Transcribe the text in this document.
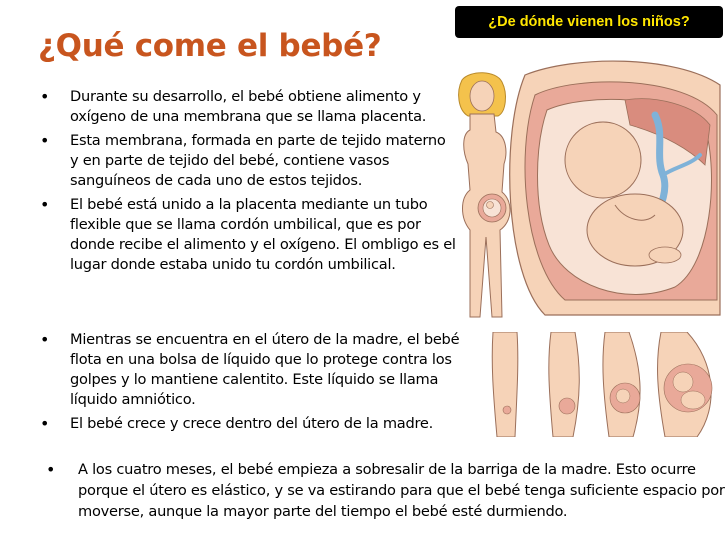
¿De dónde vienen los niños?
¿Qué come el bebé?
• Durante su desarrollo, el bebé obtiene alimento y oxígeno de una membrana que se llama placenta.
• Esta membrana, formada en parte de tejido materno y en parte de tejido del bebé, contiene vasos sanguíneos de cada uno de estos tejidos.
• El bebé está unido a la placenta mediante un tubo flexible que se llama cordón umbilical, que es por donde recibe el alimento y el oxígeno. El ombligo es el lugar donde estaba unido tu cordón umbilical.
• Mientras se encuentra en el útero de la madre, el bebé flota en una bolsa de líquido que lo protege contra los golpes y lo mantiene calentito. Este líquido se llama líquido amniótico.
• El bebé crece y crece dentro del útero de la madre.
• A los cuatro meses, el bebé empieza a sobresalir de la barriga de la madre. Esto ocurre porque el útero es elástico, y se va estirando para que el bebé tenga suficiente espacio por moverse, aunque la mayor parte del tiempo el bebé esté durmiendo.
